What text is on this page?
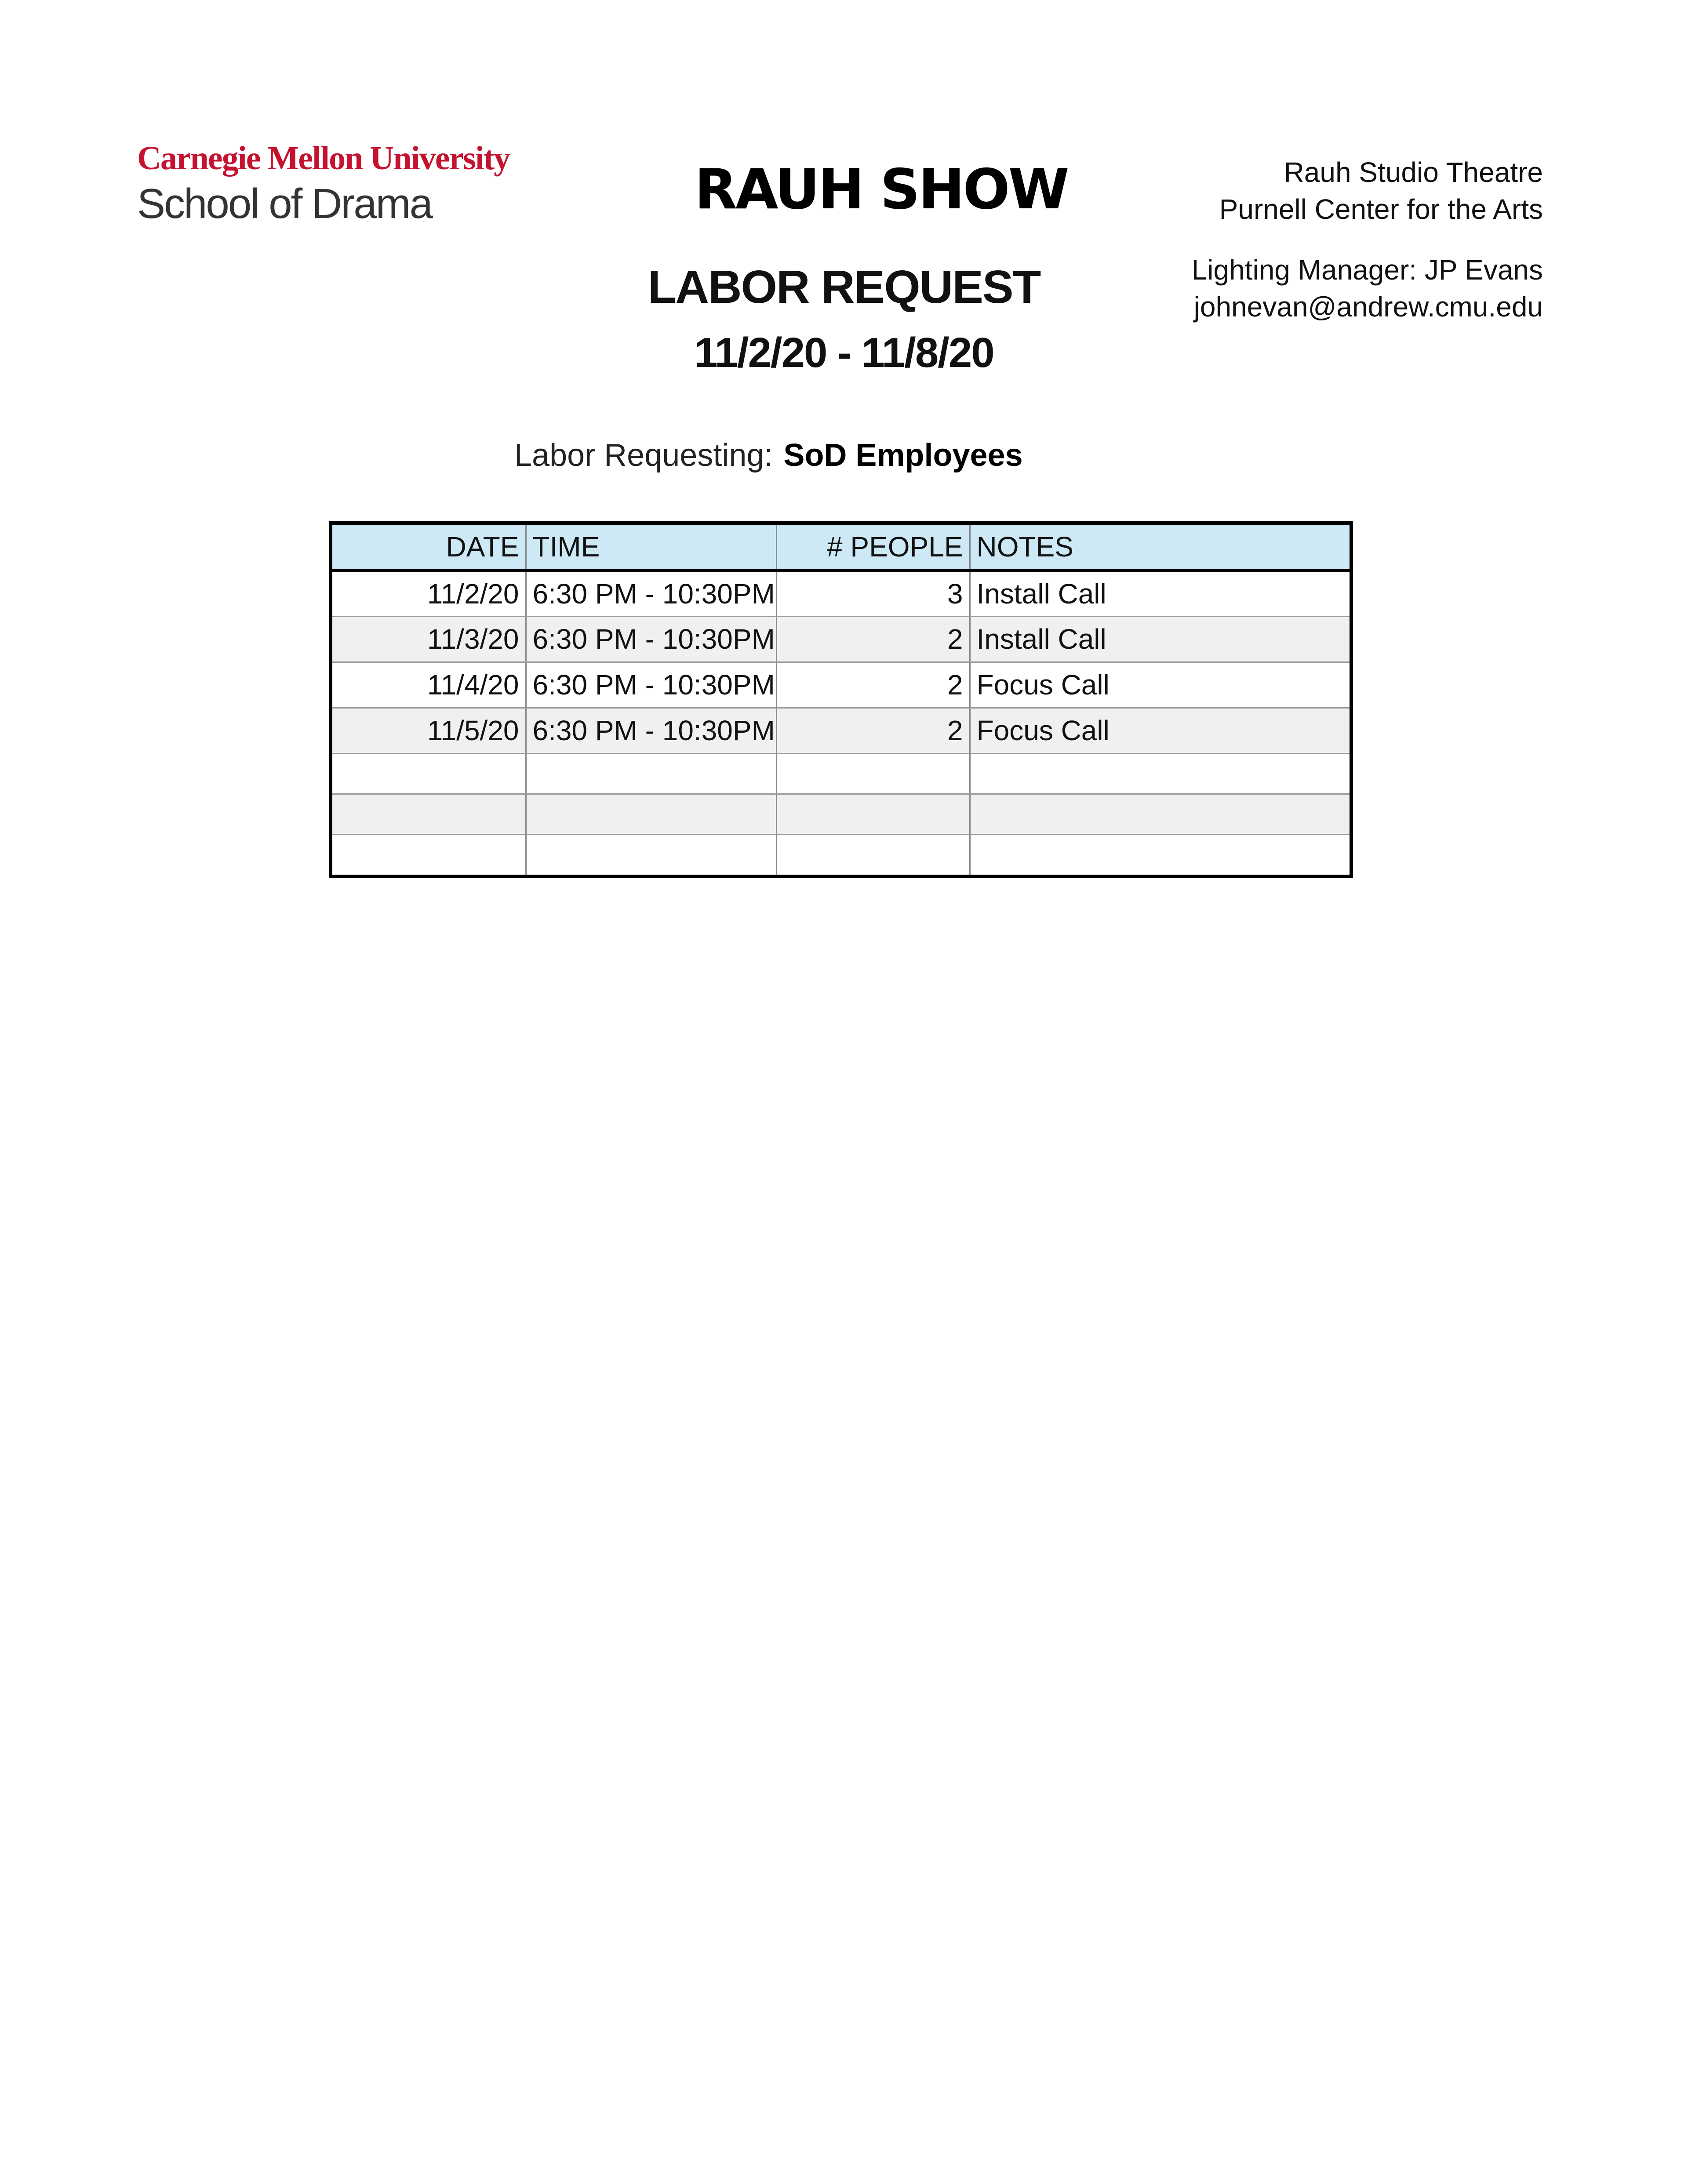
Carnegie Mellon University
School of Drama	RAUH SHOW
LABOR REQUEST
11/2/20 - 11/8/20
Rauh Studio Theatre
Purnell Center for the Arts
Lighting Manager: JP Evans
johnevan@andrew.cmu.edu
Labor Requesting: SoD Employees
DATE	TIME	# PEOPLE	NOTES
11/2/20	6:30 PM - 10:30PM	3	Install Call
11/3/20	6:30 PM - 10:30PM	2	Install Call
11/4/20	6:30 PM - 10:30PM	2	Focus Call
11/5/20	6:30 PM - 10:30PM	2	Focus Call
